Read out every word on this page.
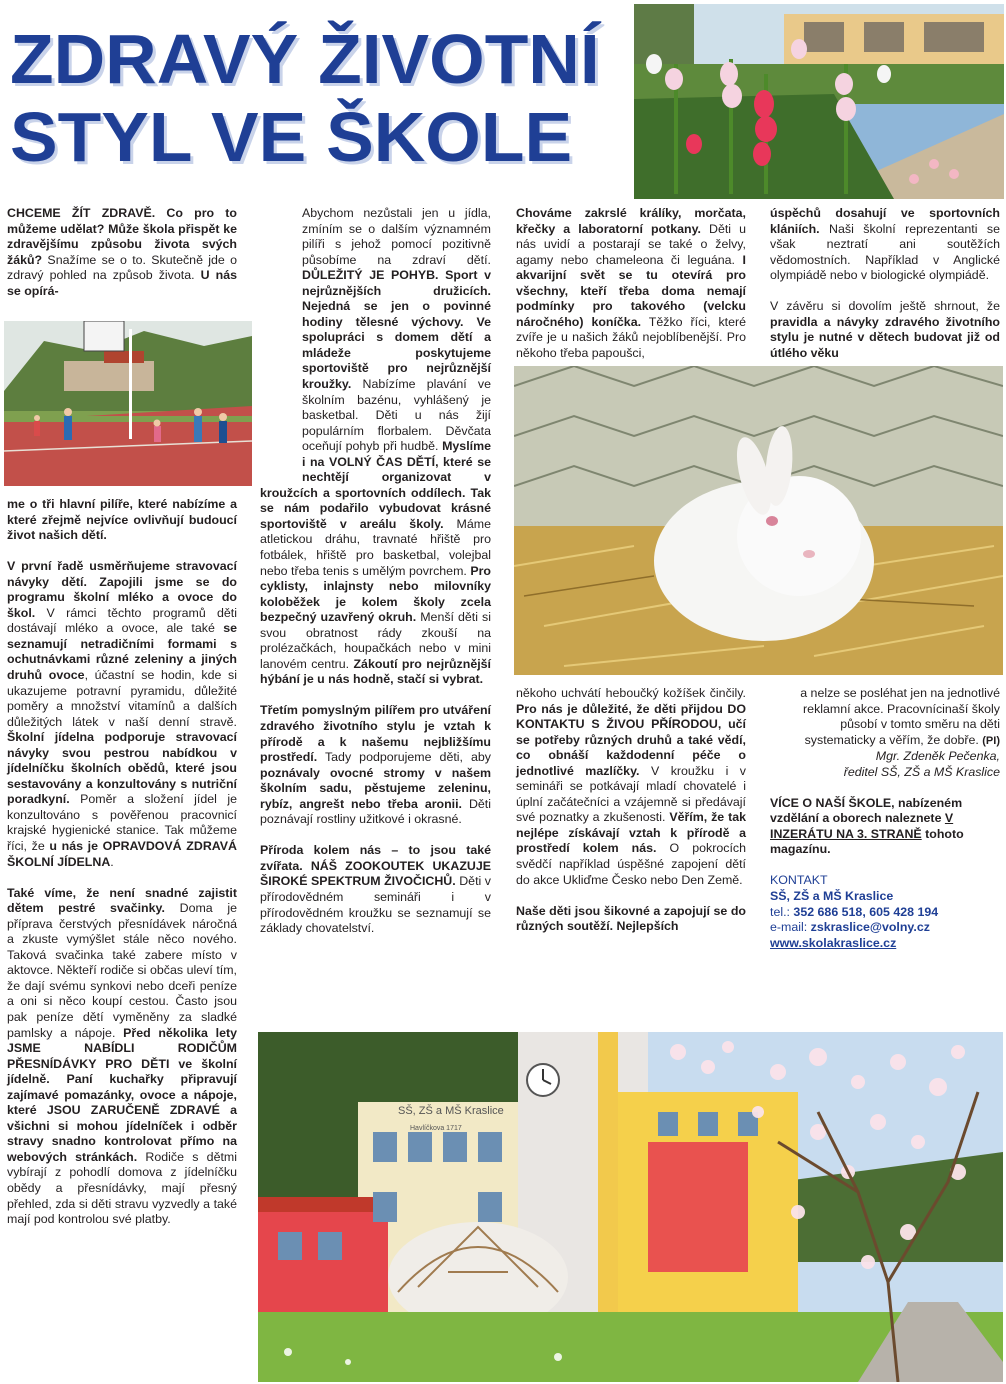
ZDRAVÝ ŽIVOTNÍ
STYL VE ŠKOLE

CHCEME ŽÍT ZDRAVĚ. Co pro to můžeme udělat? Může škola přispět ke zdravějšímu způsobu života svých žáků? Snažíme se o to. Skutečně jde o zdravý pohled na způsob života. U nás se opírá-

me o tři hlavní pilíře, které nabízíme a které zřejmě nejvíce ovlivňují budoucí život našich dětí.

V první řadě usměrňujeme stravovací návyky dětí. Zapojili jsme se do programu školní mléko a ovoce do škol. V rámci těchto programů děti dostávají mléko a ovoce, ale také se seznamují netradičními formami s ochutnávkami různé zeleniny a jiných druhů ovoce, účastní se hodin, kde si ukazujeme potravní pyramidu, důležité poměry a množství vitamínů a dalších důležitých látek v naší denní stravě. Školní jídelna podporuje stravovací návyky svou pestrou nabídkou v jídelníčku školních obědů, které jsou sestavovány a konzultovány s nutriční poradkyní. Poměr a složení jídel je konzultováno s pověřenou pracovnicí krajské hygienické stanice. Tak můžeme říci, že u nás je OPRAVDOVÁ ZDRAVÁ ŠKOLNÍ JÍDELNA.

Také víme, že není snadné zajistit dětem pestré svačinky. Doma je příprava čerstvých přesnídávek náročná a zkuste vymýšlet stále něco nového. Taková svačinka také zabere místo v aktovce. Někteří rodiče si občas uleví tím, že dají svému synkovi nebo dceři peníze a oni si něco koupí cestou. Často jsou pak peníze dětí vyměněny za sladké pamlsky a nápoje. Před několika lety JSME NABÍDLI RODIČŮM PŘESNÍDÁVKY PRO DĚTI ve školní jídelně. Paní kuchařky připravují zajímavé pomazánky, ovoce a nápoje, které JSOU ZARUČENĚ ZDRAVÉ a všichni si mohou jídelníček i odběr stravy snadno kontrolovat přímo na webových stránkách. Rodiče s dětmi vybírají z pohodlí domova z jídelníčku obědy a přesnídávky, mají přesný přehled, zda si děti stravu vyzvedly a také mají pod kontrolou své platby.

Abychom nezůstali jen u jídla, zmíním se o dalším významném pilíři s jehož pomocí pozitivně působíme na zdraví dětí. DŮLEŽITÝ JE POHYB. Sport v nejrůznějších družicích. Nejedná se jen o povinné hodiny tělesné výchovy. Ve spolupráci s domem dětí a mládeže poskytujeme sportoviště pro nejrůznější kroužky. Nabízíme plavání ve školním bazénu, vyhlášený je basketbal. Děti u nás žijí populárním florbalem. Děvčata oceňují pohyb při hudbě. Myslíme i na VOLNÝ ČAS DĚTÍ, které se nechtějí organizovat v kroužcích a sportovních oddílech. Tak se nám podařilo vybudovat krásné sportoviště v areálu školy. Máme atletickou dráhu, travnaté hřiště pro fotbálek, hřiště pro basketbal, volejbal nebo třeba tenis s umělým povrchem. Pro cyklisty, inlajnsty nebo milovníky koloběžek je kolem školy zcela bezpečný uzavřený okruh. Menší děti si svou obratnost rády zkouší na prolézačkách, houpačkách nebo v mini lanovém centru. Zákoutí pro nejrůznější hýbání je u nás hodně, stačí si vybrat.

Třetím pomyslným pilířem pro utváření zdravého životního stylu je vztah k přírodě a k našemu nejbližšímu prostředí. Tady podporujeme děti, aby poznávaly ovocné stromy v našem školním sadu, pěstujeme zeleninu, rybíz, angrešt nebo třeba aronii. Děti poznávají rostliny užitkové i okrasné.

Příroda kolem nás – to jsou také zvířata. NÁŠ ZOOKOUTEK UKAZUJE ŠIROKÉ SPEKTRUM ŽIVOČICHŮ. Děti v přírodovědném semináři i v přírodovědném kroužku se seznamují se základy chovatelství.

Chováme zakrslé králíky, morčata, křečky a laboratorní potkany. Děti u nás uvidí a postarají se také o želvy, agamy nebo chameleona či leguána. I akvarijní svět se tu otevírá pro všechny, kteří třeba doma nemají podmínky pro takového (velcku náročného) koníčka. Těžko říci, které zvíře je u našich žáků nejoblíbenější. Pro někoho třeba papoušci,

úspěchů dosahují ve sportovních klániích. Naši školní reprezentanti se však neztratí ani soutěžích vědomostních. Například v Anglické olympiádě nebo v biologické olympiádě.

V závěru si dovolím ještě shrnout, že pravidla a návyky zdravého životního stylu je nutné v dětech budovat již od útlého věku

někoho uchvátí heboučký kožíšek činčily. Pro nás je důležité, že děti přijdou DO KONTAKTU S ŽIVOU PŘÍRODOU, učí se potřeby různých druhů a také vědí, co obnáší každodenní péče o jednotlivé mazlíčky. V kroužku i v semináři se potkávají mladí chovatelé i úplní začátečníci a vzájemně si předávají své poznatky a zkušenosti. Věřím, že tak nejlépe získávají vztah k přírodě a prostředí kolem nás. O pokrocích svědčí například úspěšné zapojení dětí do akce Ukliďme Česko nebo Den Země.

Naše děti jsou šikovné a zapojují se do různých soutěží. Nejlepších

a nelze se posléhat jen na jednotlivé reklamní akce. Pracovnícinaší školy působí v tomto směru na děti systematicky a věřím, že dobře. (PI)

Mgr. Zdeněk Pečenka,
ředitel SŠ, ZŠ a MŠ Kraslice

VÍCE O NAŠÍ ŠKOLE, nabízeném vzdělání a oborech naleznete V INZERÁTU NA 3. STRANĚ tohoto magazínu.

KONTAKT
SŠ, ZŠ a MŠ Kraslice
tel.: 352 686 518, 605 428 194
e-mail: zskraslice@volny.cz
www.skolakraslice.cz
SŠ, ZŠ a MŠ Kraslice
Havlíčkova 1717
